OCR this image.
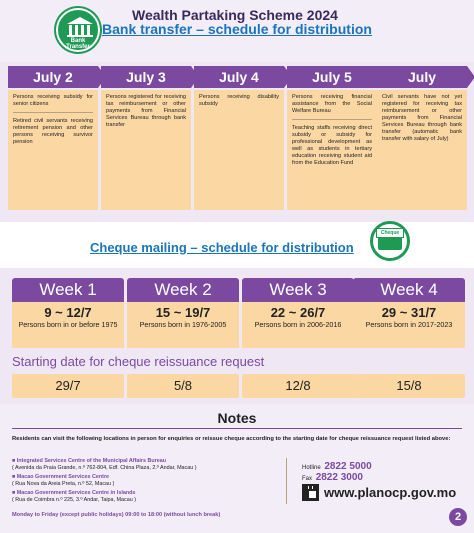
Bank Transfer
Wealth Partaking Scheme 2024
Bank transfer – schedule for distribution
July 2
Persons receiving subsidy for senior citizens
Retired civil servants receiving retirement pension and other persons receiving survivor pension
July 3
Persons registered for receiving tax reimbursement or other payments from Financial Services Bureau through bank transfer
July 4
Persons receiving disability subsidy
July 5
Persons receiving financial assistance from the Social Welfare Bureau
Teaching staffs receiving direct subsidy or subsidy for professional development as well as students in tertiary education receiving student aid from the Education Fund
July
Civil servants have not yet registered for receiving tax reimbursement or other payments from Financial Services Bureau through bank transfer (automatic bank transfer with salary of July)
Cheque mailing – schedule for distribution
Cheque
Week 1
9 ~ 12/7
Persons born in or before 1975
Week 2
15 ~ 19/7
Persons born in 1976-2005
Week 3
22 ~ 26/7
Persons born in 2006-2016
Week 4
29 ~ 31/7
Persons born in 2017-2023
Starting date for cheque reissuance request
29/7	5/8	12/8	15/8
Notes
Residents can visit the following locations in person for enquiries or reissue cheque according to the starting date for cheque reissuance request listed above:
■ Integrated Services Centre of the Municipal Affairs Bureau
( Avenida da Praia Grande, n.º 762-804, Edf. China Plaza, 2.º Andar, Macau )
■ Macao Government Services Centre
( Rua Nova da Areia Preta, n.º 52, Macau )
■ Macao Government Services Centre in Islands
( Rua de Coimbra n.º 225, 3.º Andar, Taipa, Macau )
Monday to Friday (except public holidays) 09:00 to 18:00 (without lunch break)
Hotline 2822 5000
Fax 2822 3000
www.planocp.gov.mo
2
